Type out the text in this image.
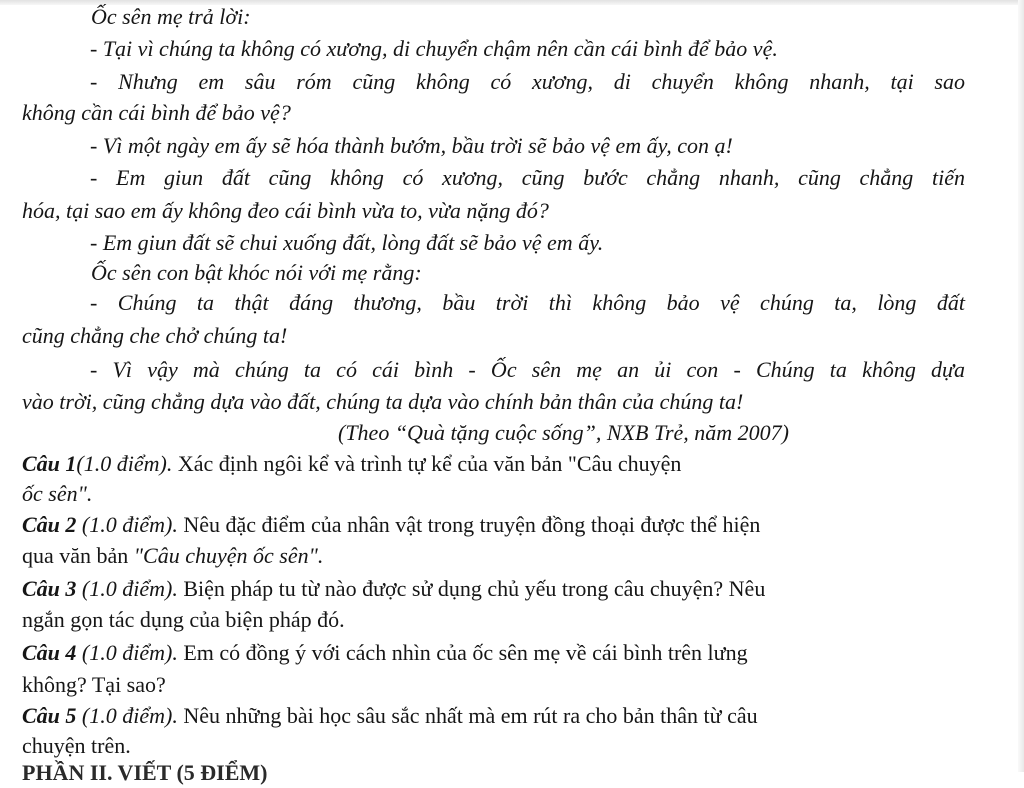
Ốc sên mẹ trả lời:
- Tại vì chúng ta không có xương, di chuyển chậm nên cần cái bình để bảo vệ.
- Nhưng em sâu róm cũng không có xương, di chuyển không nhanh, tại sao
không cần cái bình để bảo vệ?
- Vì một ngày em ấy sẽ hóa thành bướm, bầu trời sẽ bảo vệ em ấy, con ạ!
- Em giun đất cũng không có xương, cũng bước chẳng nhanh, cũng chẳng tiến
hóa, tại sao em ấy không đeo cái bình vừa to, vừa nặng đó?
- Em giun đất sẽ chui xuống đất, lòng đất sẽ bảo vệ em ấy.
Ốc sên con bật khóc nói với mẹ rằng:
- Chúng ta thật đáng thương, bầu trời thì không bảo vệ chúng ta, lòng đất
cũng chẳng che chở chúng ta!
- Vì vậy mà chúng ta có cái bình - Ốc sên mẹ an ủi con - Chúng ta không dựa
vào trời, cũng chẳng dựa vào đất, chúng ta dựa vào chính bản thân của chúng ta!
(Theo “Quà tặng cuộc sống”, NXB Trẻ, năm 2007)
Câu 1(1.0 điểm). Xác định ngôi kể và trình tự kể của văn bản "Câu chuyện
ốc sên".
Câu 2 (1.0 điểm). Nêu đặc điểm của nhân vật trong truyện đồng thoại được thể hiện
qua văn bản "Câu chuyện ốc sên".
Câu 3 (1.0 điểm). Biện pháp tu từ nào được sử dụng chủ yếu trong câu chuyện? Nêu
ngắn gọn tác dụng của biện pháp đó.
Câu 4 (1.0 điểm). Em có đồng ý với cách nhìn của ốc sên mẹ về cái bình trên lưng
không? Tại sao?
Câu 5 (1.0 điểm). Nêu những bài học sâu sắc nhất mà em rút ra cho bản thân từ câu
chuyện trên.
PHẦN II. VIẾT (5 ĐIỂM)
